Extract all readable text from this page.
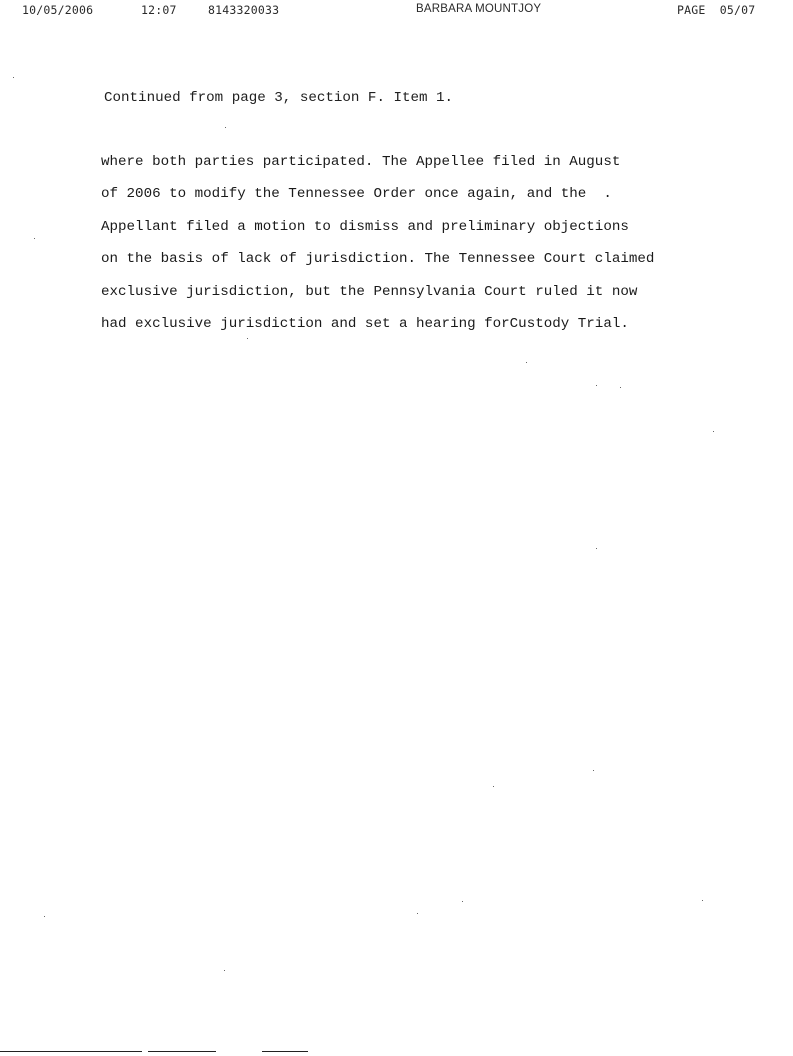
10/05/2006	12:07	8143320033	BARBARA MOUNTJOY	PAGE  05/07
Continued from page 3, section F. Item 1.
where both parties participated. The Appellee filed in August
of 2006 to modify the Tennessee Order once again, and the  .
Appellant filed a motion to dismiss and preliminary objections
on the basis of lack of jurisdiction. The Tennessee Court claimed
exclusive jurisdiction, but the Pennsylvania Court ruled it now
had exclusive jurisdiction and set a hearing forCustody Trial.
